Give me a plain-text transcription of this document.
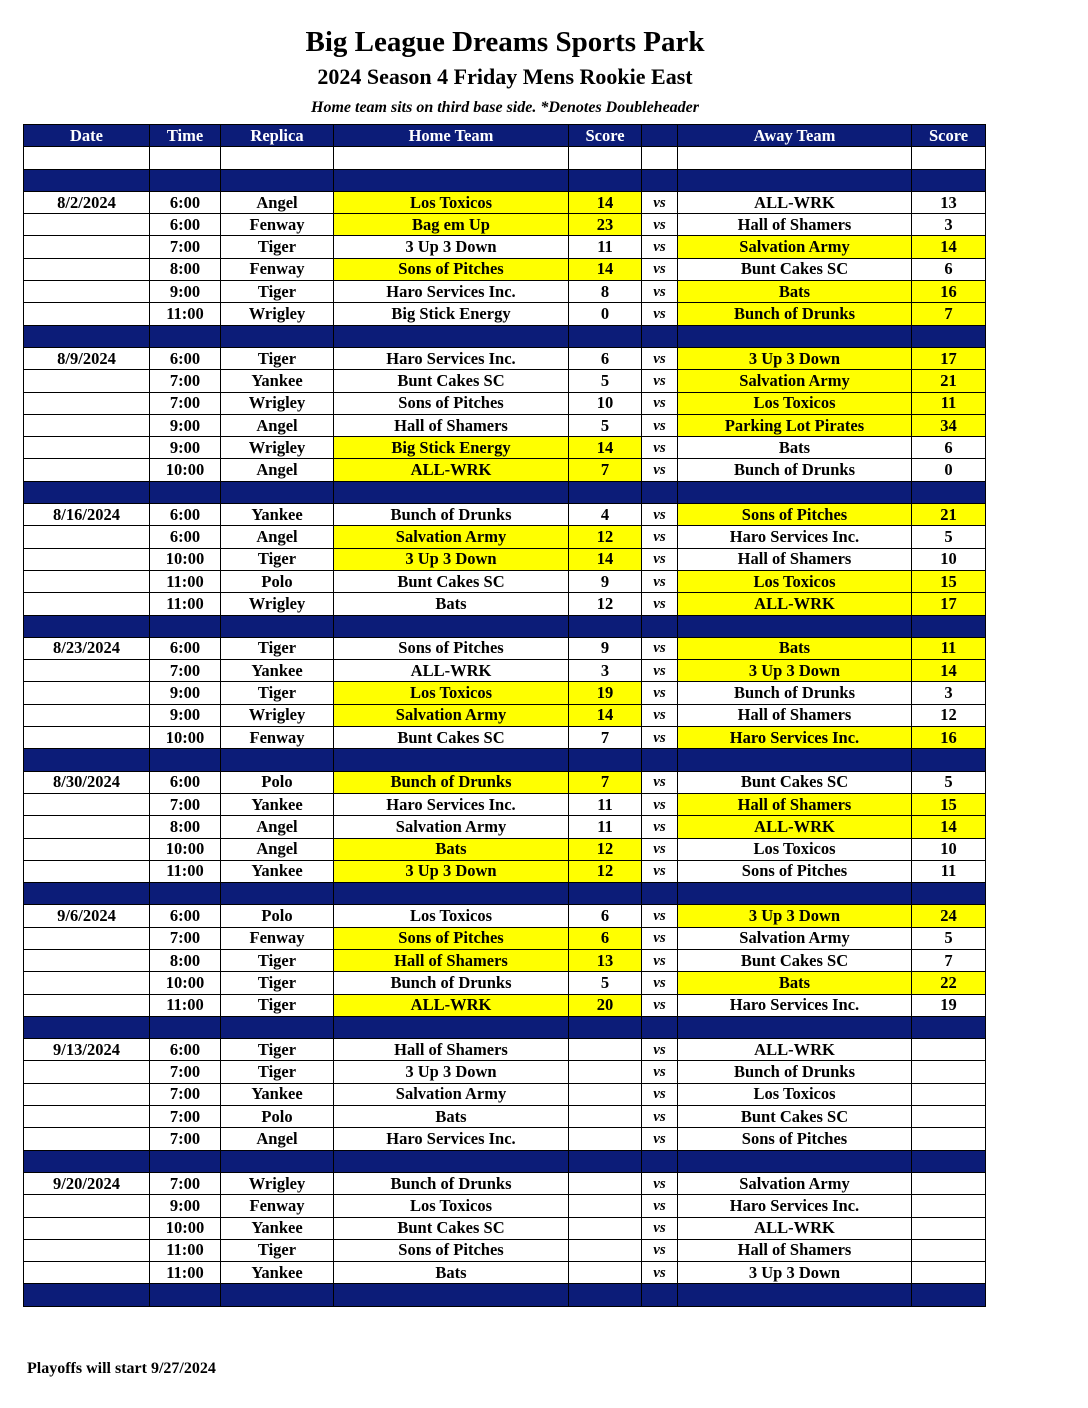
Big League Dreams Sports Park
2024 Season 4 Friday Mens Rookie East
Home team sits on third base side. *Denotes Doubleheader
Date	Time	Replica	Home Team	Score		Away Team	Score

8/2/2024	6:00	Angel	Los Toxicos	14	vs	ALL-WRK	13
	6:00	Fenway	Bag em Up	23	vs	Hall of Shamers	3
	7:00	Tiger	3 Up 3 Down	11	vs	Salvation Army	14
	8:00	Fenway	Sons of Pitches	14	vs	Bunt Cakes SC	6
	9:00	Tiger	Haro Services Inc.	8	vs	Bats	16
	11:00	Wrigley	Big Stick Energy	0	vs	Bunch of Drunks	7

8/9/2024	6:00	Tiger	Haro Services Inc.	6	vs	3 Up 3 Down	17
	7:00	Yankee	Bunt Cakes SC	5	vs	Salvation Army	21
	7:00	Wrigley	Sons of Pitches	10	vs	Los Toxicos	11
	9:00	Angel	Hall of Shamers	5	vs	Parking Lot Pirates	34
	9:00	Wrigley	Big Stick Energy	14	vs	Bats	6
	10:00	Angel	ALL-WRK	7	vs	Bunch of Drunks	0

8/16/2024	6:00	Yankee	Bunch of Drunks	4	vs	Sons of Pitches	21
	6:00	Angel	Salvation Army	12	vs	Haro Services Inc.	5
	10:00	Tiger	3 Up 3 Down	14	vs	Hall of Shamers	10
	11:00	Polo	Bunt Cakes SC	9	vs	Los Toxicos	15
	11:00	Wrigley	Bats	12	vs	ALL-WRK	17

8/23/2024	6:00	Tiger	Sons of Pitches	9	vs	Bats	11
	7:00	Yankee	ALL-WRK	3	vs	3 Up 3 Down	14
	9:00	Tiger	Los Toxicos	19	vs	Bunch of Drunks	3
	9:00	Wrigley	Salvation Army	14	vs	Hall of Shamers	12
	10:00	Fenway	Bunt Cakes SC	7	vs	Haro Services Inc.	16

8/30/2024	6:00	Polo	Bunch of Drunks	7	vs	Bunt Cakes SC	5
	7:00	Yankee	Haro Services Inc.	11	vs	Hall of Shamers	15
	8:00	Angel	Salvation Army	11	vs	ALL-WRK	14
	10:00	Angel	Bats	12	vs	Los Toxicos	10
	11:00	Yankee	3 Up 3 Down	12	vs	Sons of Pitches	11

9/6/2024	6:00	Polo	Los Toxicos	6	vs	3 Up 3 Down	24
	7:00	Fenway	Sons of Pitches	6	vs	Salvation Army	5
	8:00	Tiger	Hall of Shamers	13	vs	Bunt Cakes SC	7
	10:00	Tiger	Bunch of Drunks	5	vs	Bats	22
	11:00	Tiger	ALL-WRK	20	vs	Haro Services Inc.	19

9/13/2024	6:00	Tiger	Hall of Shamers		vs	ALL-WRK	
	7:00	Tiger	3 Up 3 Down		vs	Bunch of Drunks	
	7:00	Yankee	Salvation Army		vs	Los Toxicos	
	7:00	Polo	Bats		vs	Bunt Cakes SC	
	7:00	Angel	Haro Services Inc.		vs	Sons of Pitches	

9/20/2024	7:00	Wrigley	Bunch of Drunks		vs	Salvation Army	
	9:00	Fenway	Los Toxicos		vs	Haro Services Inc.	
	10:00	Yankee	Bunt Cakes SC		vs	ALL-WRK	
	11:00	Tiger	Sons of Pitches		vs	Hall of Shamers	
	11:00	Yankee	Bats		vs	3 Up 3 Down	

Playoffs will start 9/27/2024
